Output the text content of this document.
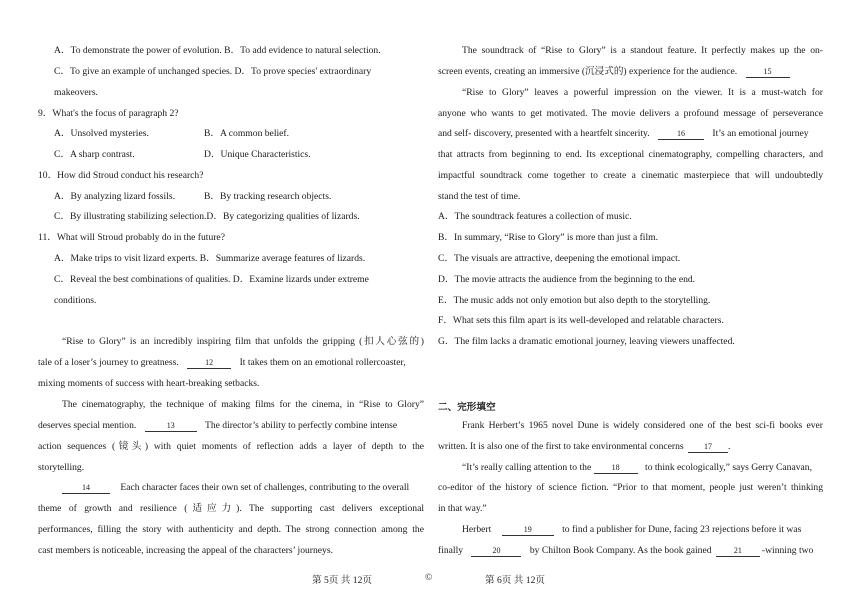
A．To demonstrate the power of evolution. B．To add evidence to natural selection.
C．To give an example of unchanged species. D．To prove species' extraordinary
makeovers.
9．What's the focus of paragraph 2?
A．Unsolved mysteries.	B．A common belief.
C．A sharp contrast.	D．Unique Characteristics.
10．How did Stroud conduct his research?
A．By analyzing lizard fossils.	B．By tracking research objects.
C．By illustrating stabilizing selection.D．By categorizing qualities of lizards.
11．What will Stroud probably do in the future?
A．Make trips to visit lizard experts. B．Summarize average features of lizards.
C．Reveal the best combinations of qualities. D．Examine lizards under extreme
conditions.
“Rise to Glory” is an incredibly inspiring film that unfolds the gripping (扣人心弦的)
tale of a loser’s journey to greatness.	12	It takes them on an emotional rollercoaster,
mixing moments of success with heart-breaking setbacks.
The cinematography, the technique of making films for the cinema, in “Rise to Glory”
deserves special mention.	13	The director’s ability to perfectly combine intense
action sequences (镜头) with quiet moments of reflection adds a layer of depth to the
storytelling.
14	Each character faces their own set of challenges, contributing to the overall
theme of growth and resilience (适应力). The supporting cast delivers exceptional
performances, filling the story with authenticity and depth. The strong connection among the
cast members is noticeable, increasing the appeal of the characters’ journeys.
The soundtrack of “Rise to Glory” is a standout feature. It perfectly makes up the on-
screen events, creating an immersive (沉浸式的) experience for the audience.	15
“Rise to Glory” leaves a powerful impression on the viewer. It is a must-watch for
anyone who wants to get motivated. The movie delivers a profound message of perseverance
and self- discovery, presented with a heartfelt sincerity.	16	It’s an emotional journey
that attracts from beginning to end. Its exceptional cinematography, compelling characters, and
impactful soundtrack come together to create a cinematic masterpiece that will undoubtedly
stand the test of time.
A．The soundtrack features a collection of music.
B．In summary, “Rise to Glory” is more than just a film.
C．The visuals are attractive, deepening the emotional impact.
D．The movie attracts the audience from the beginning to the end.
E．The music adds not only emotion but also depth to the storytelling.
F．What sets this film apart is its well-developed and relatable characters.
G．The film lacks a dramatic emotional journey, leaving viewers unaffected.
二、完形填空
Frank Herbert’s 1965 novel Dune is widely considered one of the best sci-fi books ever
written. It is also one of the first to take environmental concerns	17 .
“It’s really calling attention to the	18	to think ecologically,” says Gerry Canavan,
co-editor of the history of science fiction. “Prior to that moment, people just weren’t thinking
in that way.”
Herbert	19	to find a publisher for Dune, facing 23 rejections before it was
finally	20	by Chilton Book Company. As the book gained	21 -winning two
第 5页 共 12页	©	第 6页 共 12页
